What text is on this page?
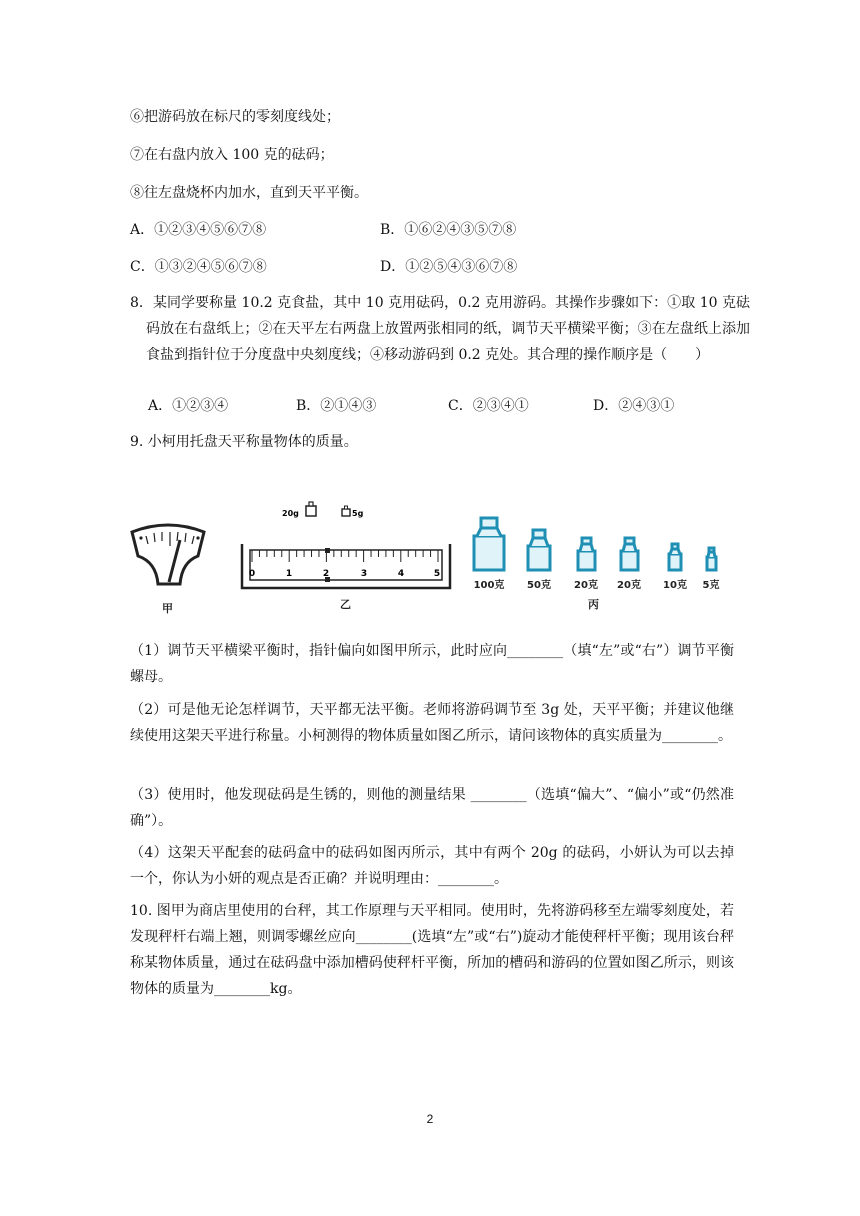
⑥把游码放在标尺的零刻度线处；
⑦在右盘内放入 100 克的砝码；
⑧往左盘烧杯内加水，直到天平平衡。
A．①②③④⑤⑥⑦⑧	B．①⑥②④③⑤⑦⑧
C．①③②④⑤⑥⑦⑧	D．①②⑤④③⑥⑦⑧
8．某同学要称量 10.2 克食盐，其中 10 克用砝码，0.2 克用游码。其操作步骤如下：①取 10 克砝码放在右盘纸上；②在天平左右两盘上放置两张相同的纸，调节天平横梁平衡；③在左盘纸上添加食盐到指针位于分度盘中央刻度线；④移动游码到 0.2 克处。其合理的操作顺序是（　　）
A．①②③④	B．②①④③	C．②③④①	D．②④③①
9. 小柯用托盘天平称量物体的质量。
甲
20g	5g
0	1	2	3	4	5
乙
100克 50克 20克 20克 10克 5克
丙
（1）调节天平横梁平衡时，指针偏向如图甲所示，此时应向________（填“左”或“右”）调节平衡螺母。
（2）可是他无论怎样调节，天平都无法平衡。老师将游码调节至 3g 处，天平平衡；并建议他继续使用这架天平进行称量。小柯测得的物体质量如图乙所示，请问该物体的真实质量为________。
（3）使用时，他发现砝码是生锈的，则他的测量结果 ________（选填“偏大”、“偏小”或“仍然准确”）。
（4）这架天平配套的砝码盒中的砝码如图丙所示，其中有两个 20g 的砝码，小妍认为可以去掉一个，你认为小妍的观点是否正确？并说明理由：________。
10. 图甲为商店里使用的台秤，其工作原理与天平相同。使用时，先将游码移至左端零刻度处，若发现秤杆右端上翘，则调零螺丝应向________(选填“左”或“右”)旋动才能使秤杆平衡；现用该台秤称某物体质量，通过在砝码盘中添加槽码使秤杆平衡，所加的槽码和游码的位置如图乙所示，则该物体的质量为________kg。
2
